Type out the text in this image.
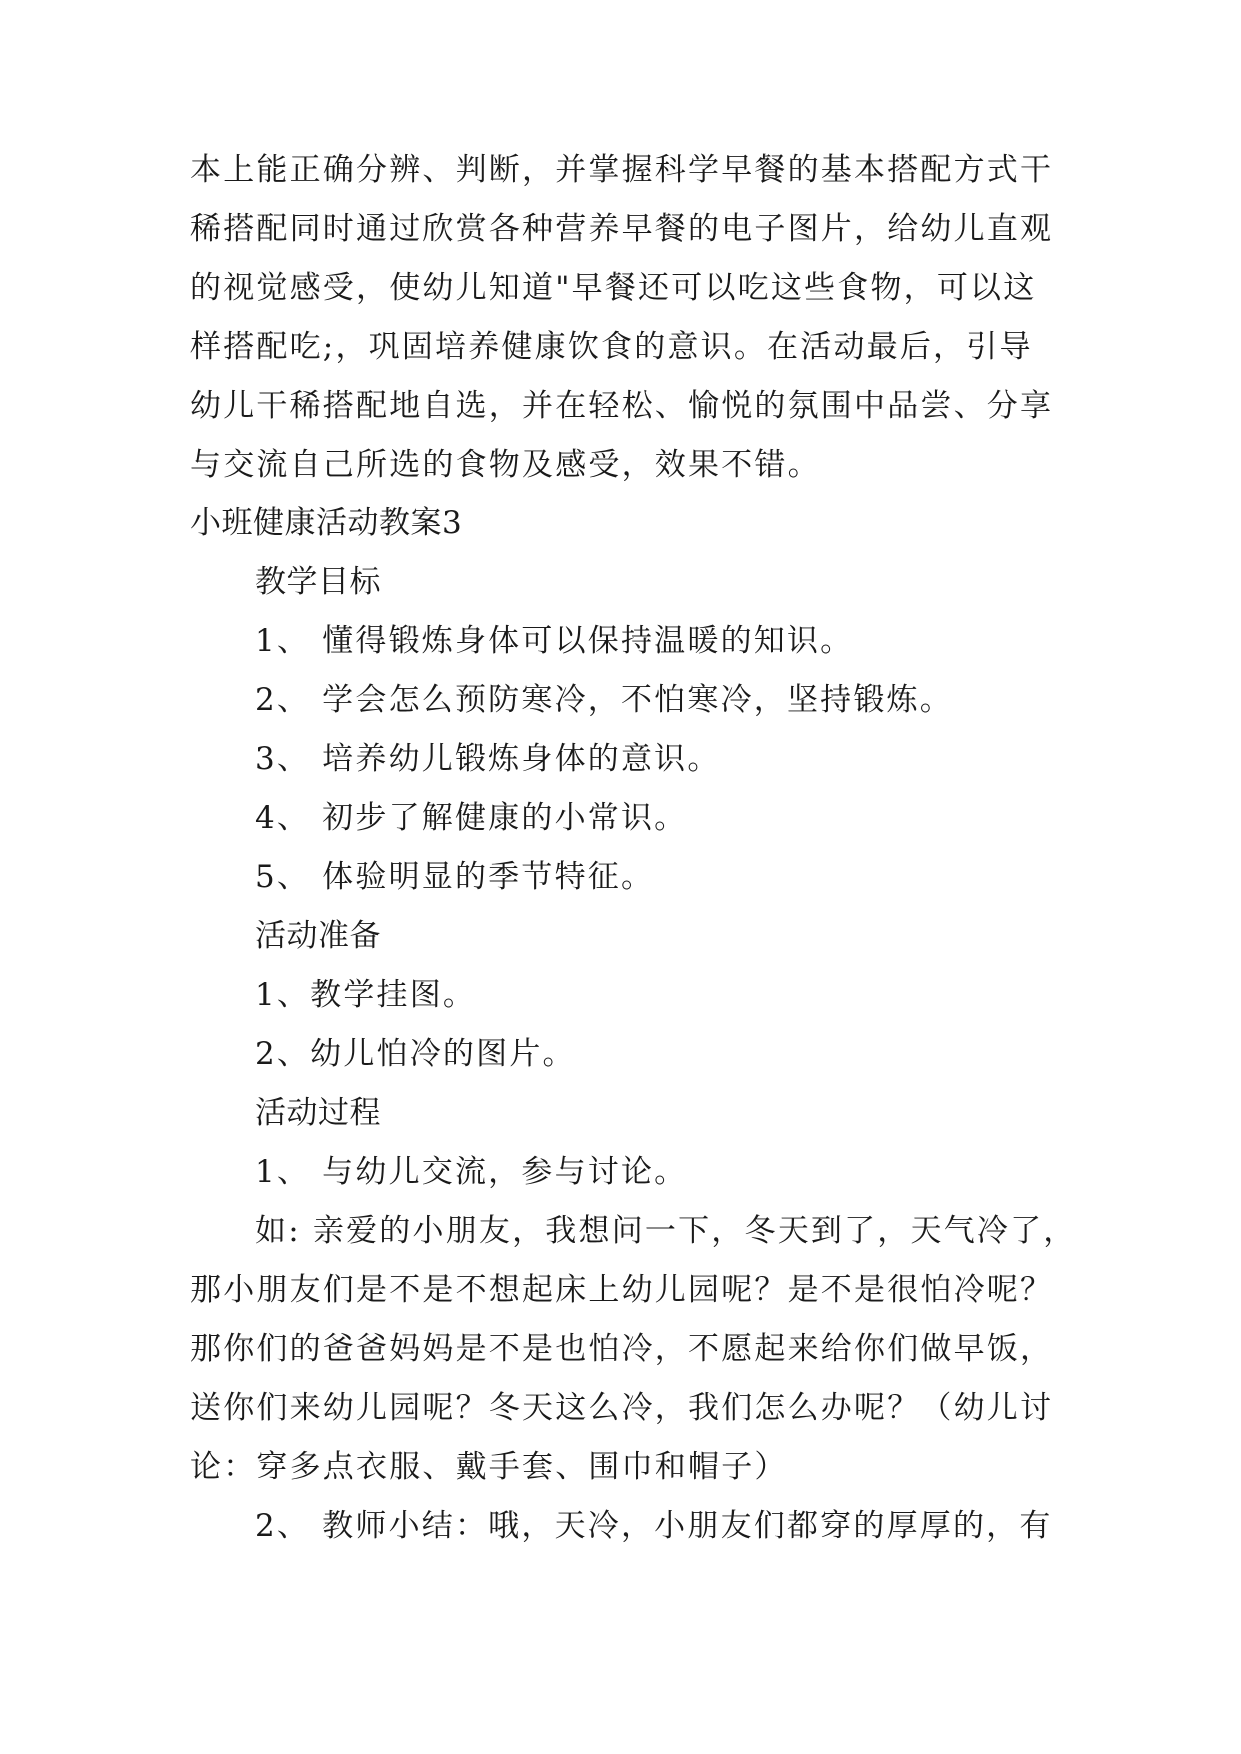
本上能正确分辨、判断，并掌握科学早餐的基本搭配方式干
稀搭配同时通过欣赏各种营养早餐的电子图片，给幼儿直观
的视觉感受，使幼儿知道"早餐还可以吃这些食物，可以这
样搭配吃;，巩固培养健康饮食的意识。在活动最后，引导
幼儿干稀搭配地自选，并在轻松、愉悦的氛围中品尝、分享
与交流自己所选的食物及感受，效果不错。
小班健康活动教案3
教学目标
1、 懂得锻炼身体可以保持温暖的知识。
2、 学会怎么预防寒冷，不怕寒冷，坚持锻炼。
3、 培养幼儿锻炼身体的意识。
4、 初步了解健康的小常识。
5、 体验明显的季节特征。
活动准备
1、教学挂图。
2、幼儿怕冷的图片。
活动过程
1、 与幼儿交流，参与讨论。
如: 亲爱的小朋友，我想问一下，冬天到了，天气冷了，
那小朋友们是不是不想起床上幼儿园呢？是不是很怕冷呢？
那你们的爸爸妈妈是不是也怕冷，不愿起来给你们做早饭，
送你们来幼儿园呢？冬天这么冷，我们怎么办呢？（幼儿讨
论：穿多点衣服、戴手套、围巾和帽子）
2、 教师小结：哦，天冷，小朋友们都穿的厚厚的，有
